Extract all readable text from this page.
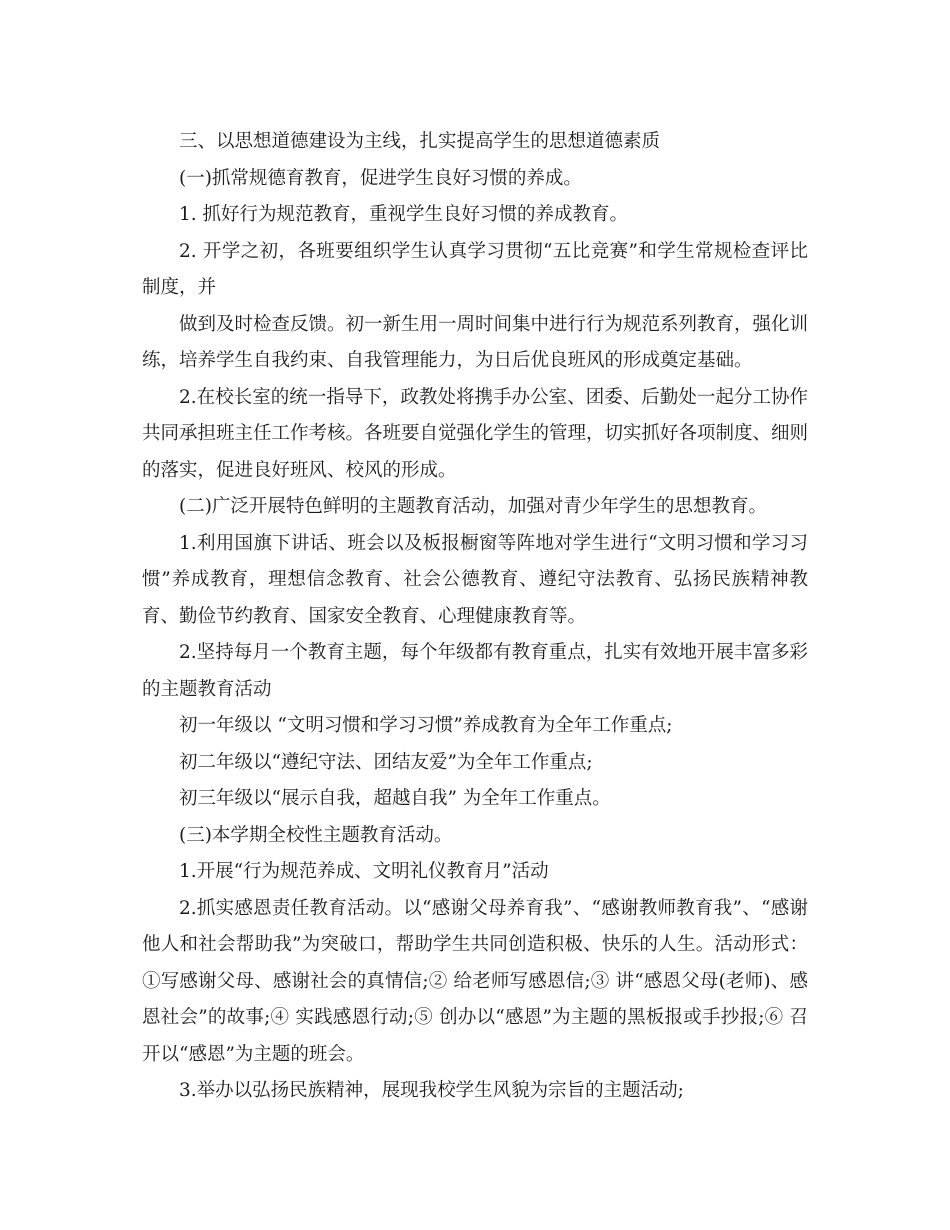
三、以思想道德建设为主线，扎实提高学生的思想道德素质

(一)抓常规德育教育，促进学生良好习惯的养成。

1. 抓好行为规范教育，重视学生良好习惯的养成教育。

2. 开学之初，各班要组织学生认真学习贯彻“五比竞赛”和学生常规检查评比制度，并

做到及时检查反馈。初一新生用一周时间集中进行行为规范系列教育，强化训练，培养学生自我约束、自我管理能力，为日后优良班风的形成奠定基础。

2.在校长室的统一指导下，政教处将携手办公室、团委、后勤处一起分工协作共同承担班主任工作考核。各班要自觉强化学生的管理，切实抓好各项制度、细则的落实，促进良好班风、校风的形成。

(二)广泛开展特色鲜明的主题教育活动，加强对青少年学生的思想教育。

1.利用国旗下讲话、班会以及板报橱窗等阵地对学生进行“文明习惯和学习习惯”养成教育，理想信念教育、社会公德教育、遵纪守法教育、弘扬民族精神教育、勤俭节约教育、国家安全教育、心理健康教育等。

2.坚持每月一个教育主题，每个年级都有教育重点，扎实有效地开展丰富多彩的主题教育活动

初一年级以 “文明习惯和学习习惯”养成教育为全年工作重点;

初二年级以“遵纪守法、团结友爱”为全年工作重点;

初三年级以“展示自我，超越自我” 为全年工作重点。

(三)本学期全校性主题教育活动。

1.开展“行为规范养成、文明礼仪教育月”活动

2.抓实感恩责任教育活动。以“感谢父母养育我”、“感谢教师教育我”、“感谢他人和社会帮助我”为突破口，帮助学生共同创造积极、快乐的人生。活动形式：①写感谢父母、感谢社会的真情信;② 给老师写感恩信;③ 讲“感恩父母(老师)、感恩社会”的故事;④ 实践感恩行动;⑤ 创办以“感恩”为主题的黑板报或手抄报;⑥ 召开以“感恩”为主题的班会。

3.举办以弘扬民族精神，展现我校学生风貌为宗旨的主题活动;
